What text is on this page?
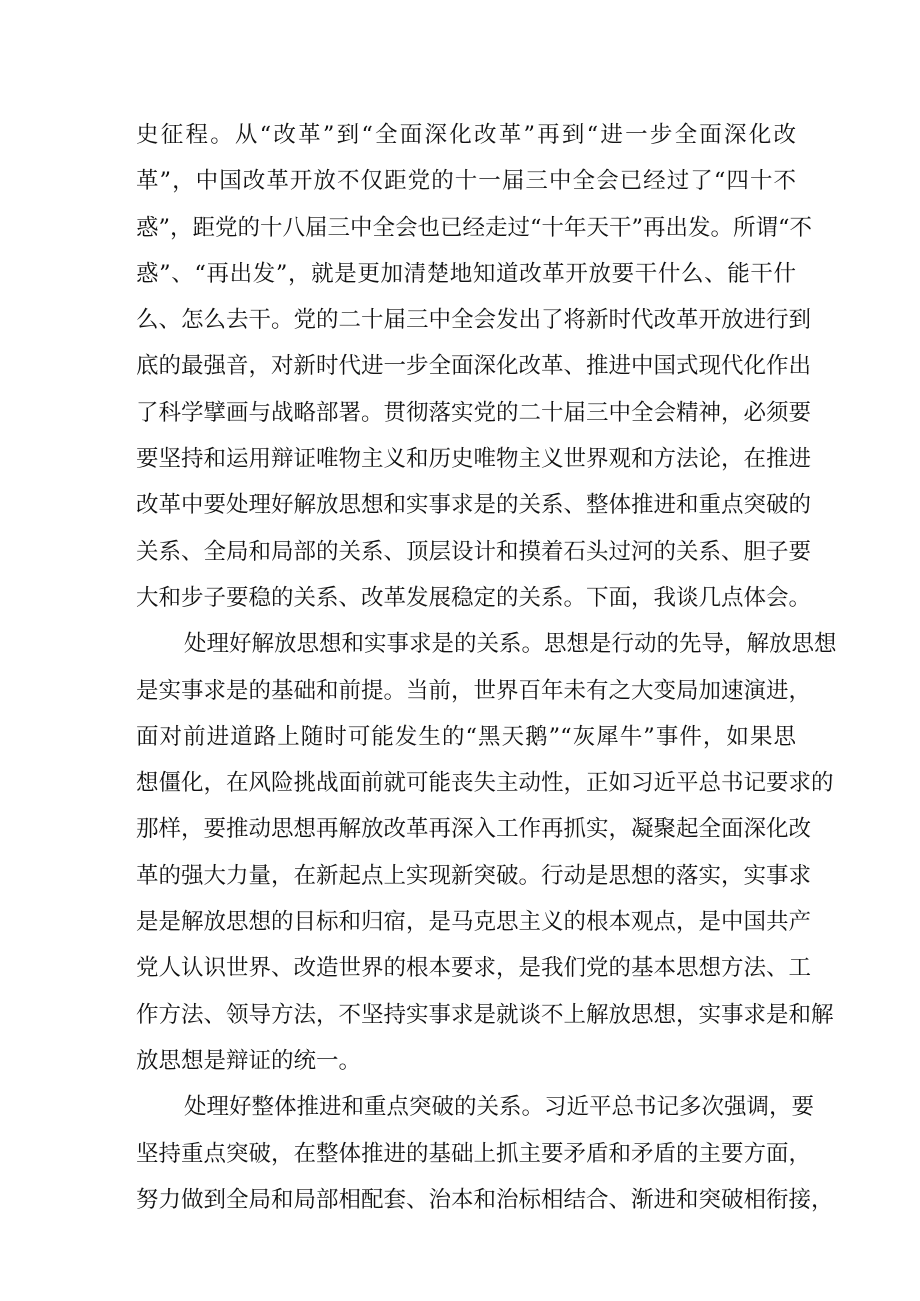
史征程。从“改革”到“全面深化改革”再到“进一步全面深化改
革”，中国改革开放不仅距党的十一届三中全会已经过了“四十不
惑”，距党的十八届三中全会也已经走过“十年天干”再出发。所谓“不
惑”、“再出发”，就是更加清楚地知道改革开放要干什么、能干什
么、怎么去干。党的二十届三中全会发出了将新时代改革开放进行到
底的最强音，对新时代进一步全面深化改革、推进中国式现代化作出
了科学擘画与战略部署。贯彻落实党的二十届三中全会精神，必须要
要坚持和运用辩证唯物主义和历史唯物主义世界观和方法论，在推进
改革中要处理好解放思想和实事求是的关系、整体推进和重点突破的
关系、全局和局部的关系、顶层设计和摸着石头过河的关系、胆子要
大和步子要稳的关系、改革发展稳定的关系。下面，我谈几点体会。
处理好解放思想和实事求是的关系。思想是行动的先导，解放思想
是实事求是的基础和前提。当前，世界百年未有之大变局加速演进，
面对前进道路上随时可能发生的“黑天鹅”“灰犀牛”事件，如果思
想僵化，在风险挑战面前就可能丧失主动性，正如习近平总书记要求的
那样，要推动思想再解放改革再深入工作再抓实，凝聚起全面深化改
革的强大力量，在新起点上实现新突破。行动是思想的落实，实事求
是是解放思想的目标和归宿，是马克思主义的根本观点，是中国共产
党人认识世界、改造世界的根本要求，是我们党的基本思想方法、工
作方法、领导方法，不坚持实事求是就谈不上解放思想，实事求是和解
放思想是辩证的统一。
处理好整体推进和重点突破的关系。习近平总书记多次强调，要
坚持重点突破，在整体推进的基础上抓主要矛盾和矛盾的主要方面，
努力做到全局和局部相配套、治本和治标相结合、渐进和突破相衔接，
